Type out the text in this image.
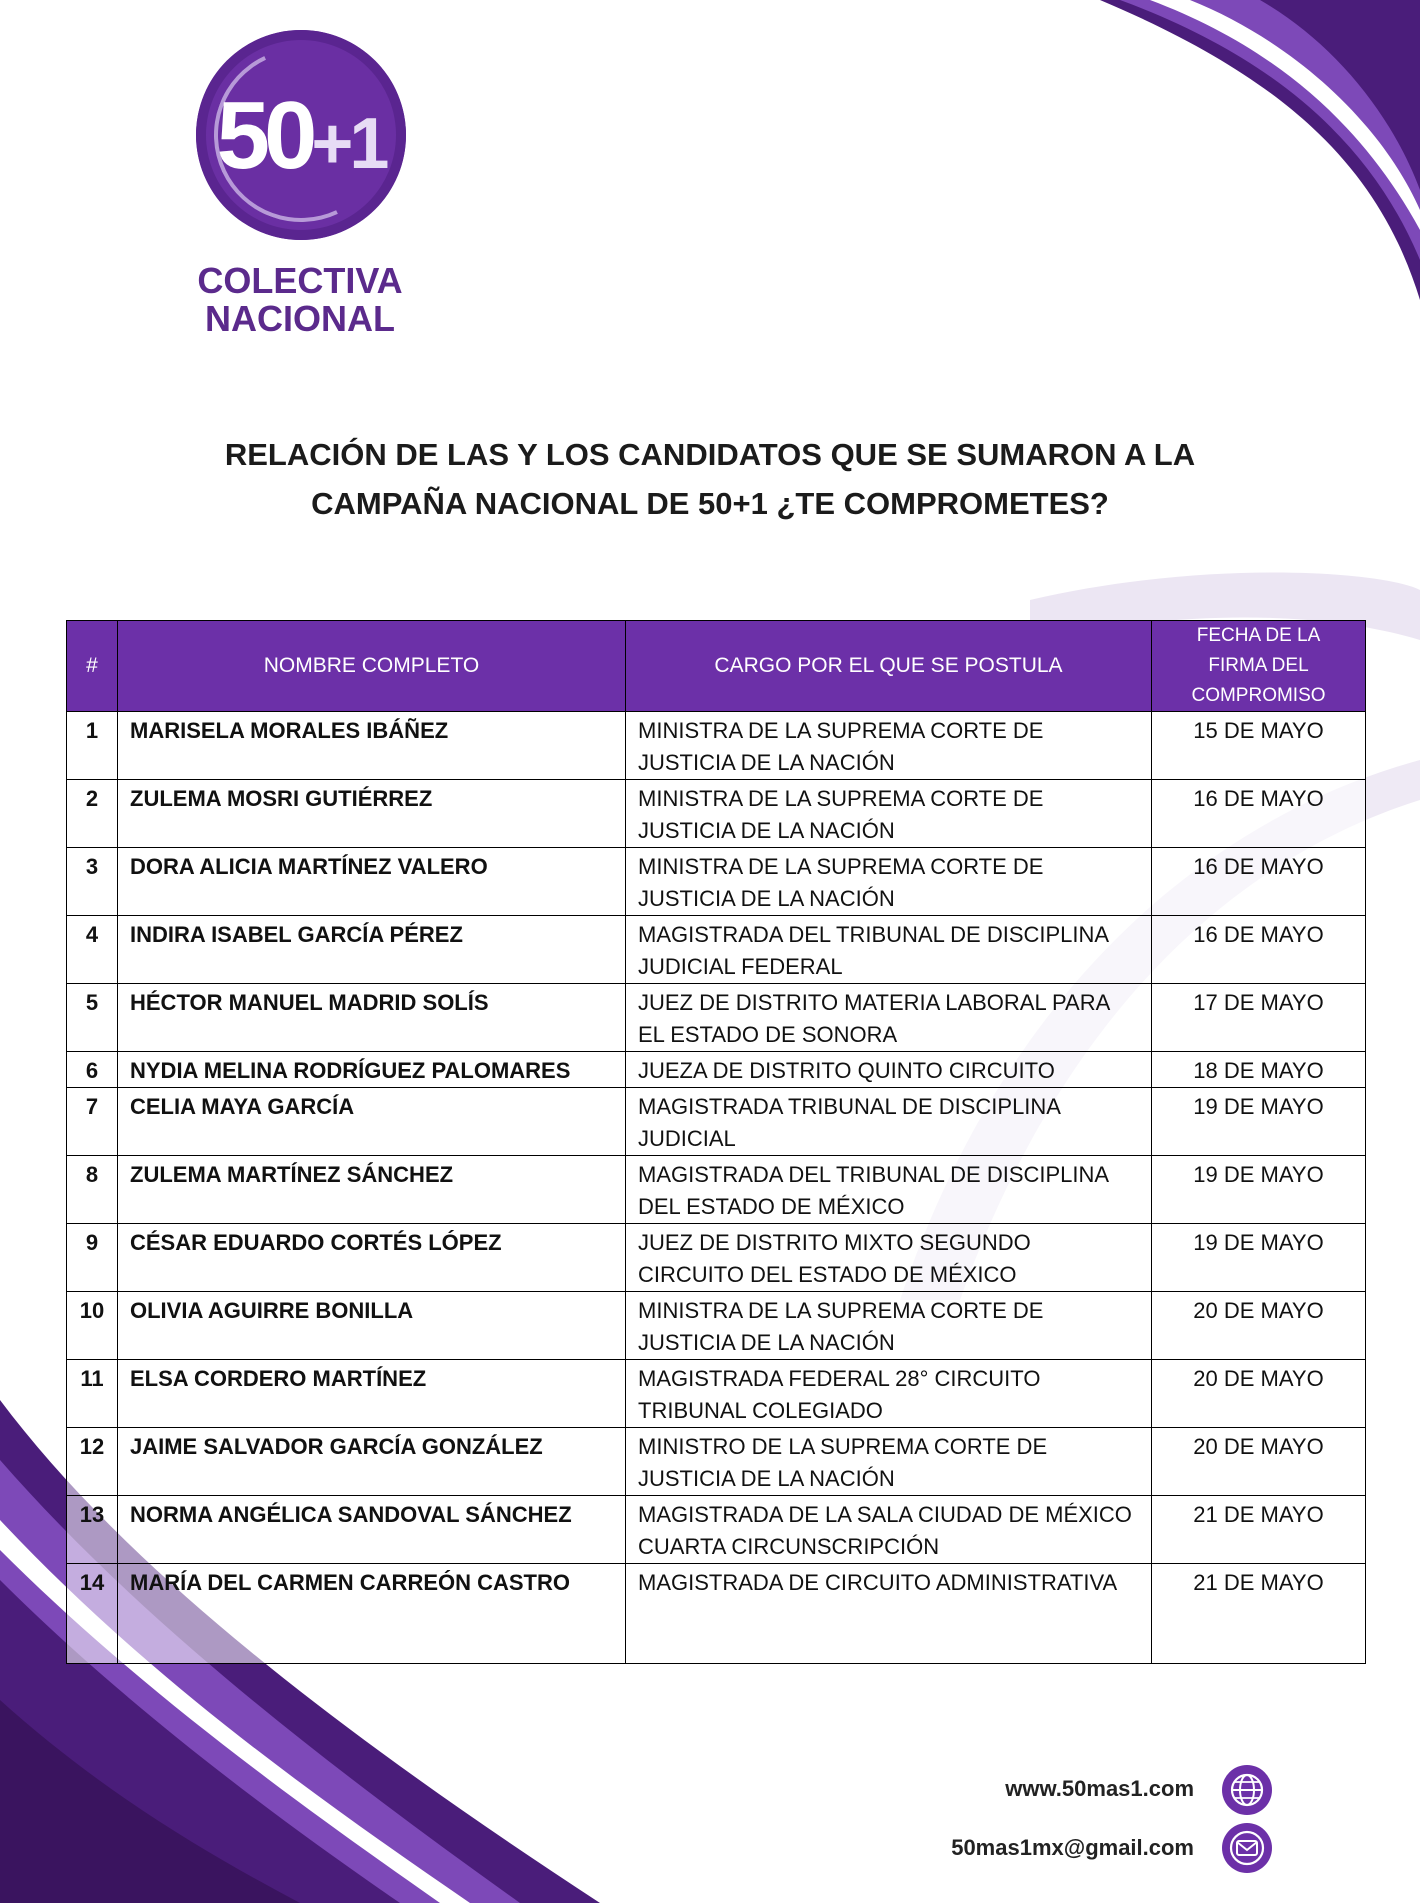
50+1
COLECTIVA
NACIONAL
RELACIÓN DE LAS Y LOS CANDIDATOS QUE SE SUMARON A LA
CAMPAÑA NACIONAL DE 50+1 ¿TE COMPROMETES?
#	NOMBRE COMPLETO	CARGO POR EL QUE SE POSTULA	FECHA DE LA
FIRMA DEL
COMPROMISO

1	MARISELA MORALES IBÁÑEZ	MINISTRA DE LA SUPREMA CORTE DE JUSTICIA DE LA NACIÓN	15 DE MAYO
2	ZULEMA MOSRI GUTIÉRREZ	MINISTRA DE LA SUPREMA CORTE DE JUSTICIA DE LA NACIÓN	16 DE MAYO
3	DORA ALICIA MARTÍNEZ VALERO	MINISTRA DE LA SUPREMA CORTE DE JUSTICIA DE LA NACIÓN	16 DE MAYO
4	INDIRA ISABEL GARCÍA PÉREZ	MAGISTRADA DEL TRIBUNAL DE DISCIPLINA JUDICIAL FEDERAL	16 DE MAYO
5	HÉCTOR MANUEL MADRID SOLÍS	JUEZ DE DISTRITO MATERIA LABORAL PARA EL ESTADO DE SONORA	17 DE MAYO
6	NYDIA MELINA RODRÍGUEZ PALOMARES	JUEZA DE DISTRITO QUINTO CIRCUITO	18 DE MAYO
7	CELIA MAYA GARCÍA	MAGISTRADA TRIBUNAL DE DISCIPLINA JUDICIAL	19 DE MAYO
8	ZULEMA MARTÍNEZ SÁNCHEZ	MAGISTRADA DEL TRIBUNAL DE DISCIPLINA DEL ESTADO DE MÉXICO	19 DE MAYO
9	CÉSAR EDUARDO CORTÉS LÓPEZ	JUEZ DE DISTRITO MIXTO SEGUNDO CIRCUITO DEL ESTADO DE MÉXICO	19 DE MAYO
10	OLIVIA AGUIRRE BONILLA	MINISTRA DE LA SUPREMA CORTE DE JUSTICIA DE LA NACIÓN	20 DE MAYO
11	ELSA CORDERO MARTÍNEZ	MAGISTRADA FEDERAL 28° CIRCUITO TRIBUNAL COLEGIADO	20 DE MAYO
12	JAIME SALVADOR GARCÍA GONZÁLEZ	MINISTRO DE LA SUPREMA CORTE DE JUSTICIA DE LA NACIÓN	20 DE MAYO
13	NORMA ANGÉLICA SANDOVAL SÁNCHEZ	MAGISTRADA DE LA SALA CIUDAD DE MÉXICO CUARTA CIRCUNSCRIPCIÓN	21 DE MAYO
14	MARÍA DEL CARMEN CARREÓN CASTRO	MAGISTRADA DE CIRCUITO ADMINISTRATIVA	21 DE MAYO
www.50mas1.com
50mas1mx@gmail.com
